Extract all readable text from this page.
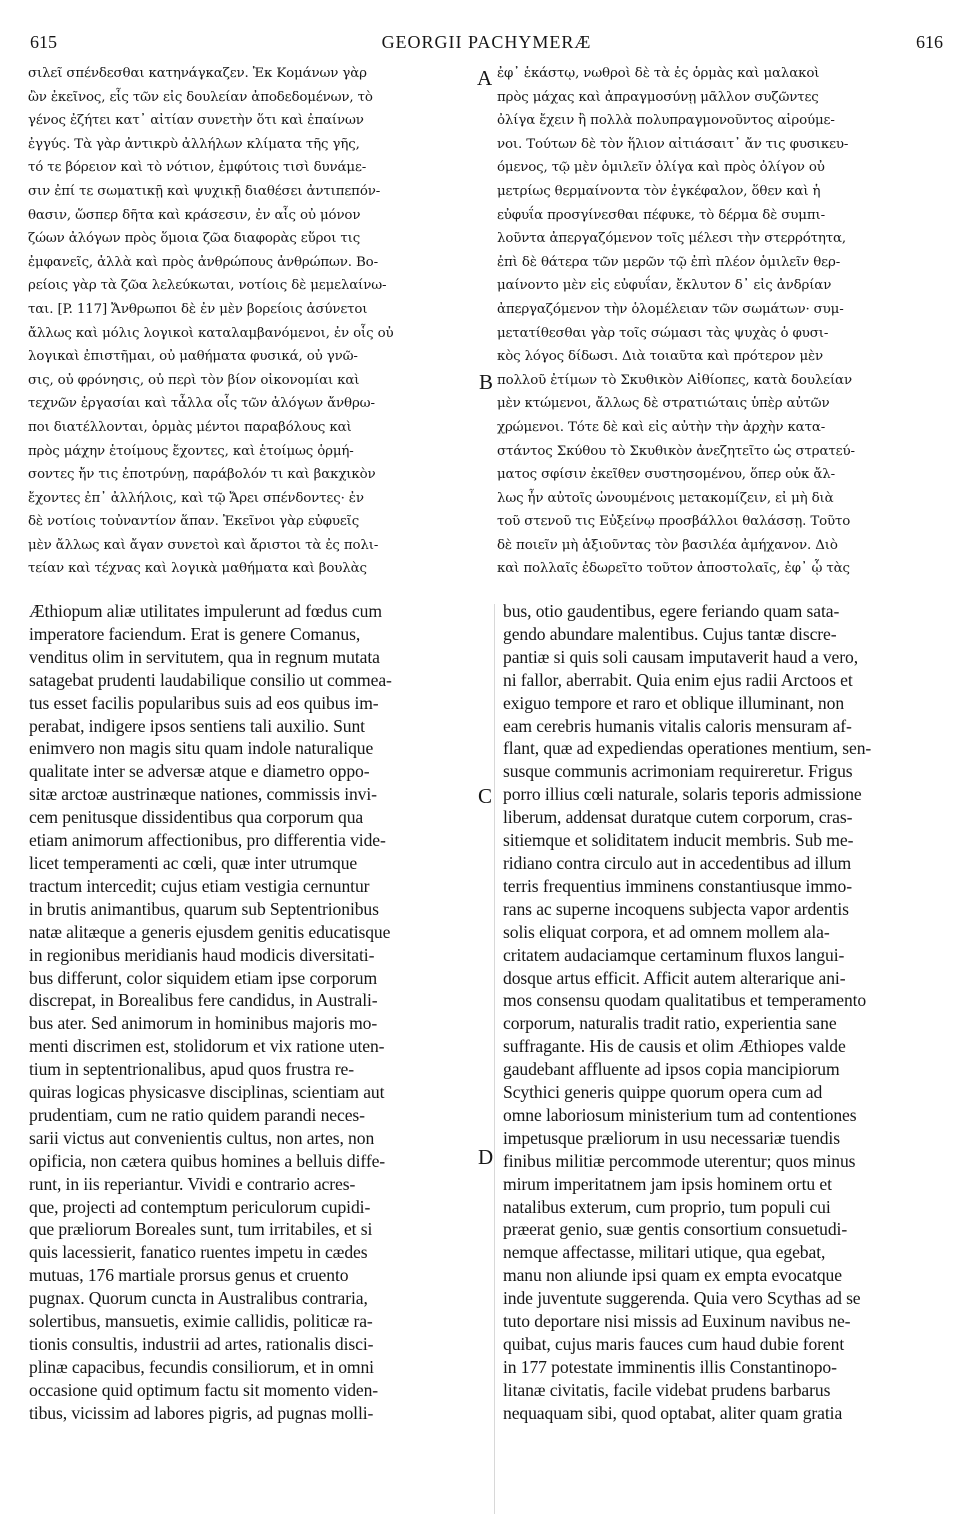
615	GEORGII PACHYMERÆ	616
σιλεῖ σπένδεσθαι κατηνάγκαζεν. Ἐκ Κομάνων γὰρ
ὢν ἐκεῖνος, εἷς τῶν εἰς δουλείαν ἀποδεδομένων, τὸ
γένος ἐζήτει κατ᾽ αἰτίαν συνετὴν ὅτι καὶ ἐπαίνων
ἐγγύς. Τὰ γὰρ ἀντικρὺ ἀλλήλων κλίματα τῆς γῆς,
τό τε βόρειον καὶ τὸ νότιον, ἐμφύτοις τισὶ δυνάμε-
σιν ἐπί τε σωματικῇ καὶ ψυχικῇ διαθέσει ἀντιπεπόν-
θασιν, ὥσπερ δῆτα καὶ κράσεσιν, ἐν αἷς οὐ μόνον
ζώων ἀλόγων πρὸς ὅμοια ζῶα διαφορὰς εὕροι τις
ἐμφανεῖς, ἀλλὰ καὶ πρὸς ἀνθρώπους ἀνθρώπων. Βο-
ρείοις γὰρ τὰ ζῶα λελεύκωται, νοτίοις δὲ μεμελαίνω-
ται. [P. 117] Ἄνθρωποι δὲ ἐν μὲν βορείοις ἀσύνετοι
ἄλλως καὶ μόλις λογικοὶ καταλαμβανόμενοι, ἐν οἷς οὐ
λογικαὶ ἐπιστῆμαι, οὐ μαθήματα φυσικά, οὐ γνῶ-
σις, οὐ φρόνησις, οὐ περὶ τὸν βίον οἰκονομίαι καὶ
τεχνῶν ἐργασίαι καὶ τἆλλα οἷς τῶν ἀλόγων ἄνθρω-
ποι διατέλλονται, ὁρμὰς μέντοι παραβόλους καὶ
πρὸς μάχην ἑτοίμους ἔχοντες, καὶ ἑτοίμως ὁρμή-
σοντες ἤν τις ἐποτρύνῃ, παράβολόν τι καὶ βακχικὸν
ἔχοντες ἐπ᾽ ἀλλήλοις, καὶ τῷ Ἄρει σπένδοντες· ἐν
δὲ νοτίοις τοὐναντίον ἅπαν. Ἐκεῖνοι γὰρ εὐφυεῖς
μὲν ἄλλως καὶ ἄγαν συνετοὶ καὶ ἄριστοι τὰ ἐς πολι-
τείαν καὶ τέχνας καὶ λογικὰ μαθήματα καὶ βουλὰς
ἐφ᾽ ἑκάστῳ, νωθροὶ δὲ τὰ ἐς ὁρμὰς καὶ μαλακοὶ
πρὸς μάχας καὶ ἀπραγμοσύνῃ μᾶλλον συζῶντες
ὀλίγα ἔχειν ἢ πολλὰ πολυπραγμονοῦντος αἱρούμε-
νοι. Τούτων δὲ τὸν ἥλιον αἰτιάσαιτ᾽ ἄν τις φυσικευ-
όμενος, τῷ μὲν ὁμιλεῖν ὀλίγα καὶ πρὸς ὀλίγον οὐ
μετρίως θερμαίνοντα τὸν ἐγκέφαλον, ὅθεν καὶ ἡ
εὐφυΐα προσγίνεσθαι πέφυκε, τὸ δέρμα δὲ συμπι-
λοῦντα ἀπεργαζόμενον τοῖς μέλεσι τὴν στερρότητα,
ἐπὶ δὲ θάτερα τῶν μερῶν τῷ ἐπὶ πλέον ὁμιλεῖν θερ-
μαίνοντο μὲν εἰς εὐφυΐαν, ἔκλυτον δ᾽ εἰς ἀνδρίαν
ἀπεργαζόμενον τὴν ὁλομέλειαν τῶν σωμάτων· συμ-
μετατίθεσθαι γὰρ τοῖς σώμασι τὰς ψυχὰς ὁ φυσι-
κὸς λόγος δίδωσι. Διὰ τοιαῦτα καὶ πρότερον μὲν
πολλοῦ ἐτίμων τὸ Σκυθικὸν Αἰθίοπες, κατὰ δουλείαν
μὲν κτώμενοι, ἄλλως δὲ στρατιώταις ὑπὲρ αὐτῶν
χρώμενοι. Τότε δὲ καὶ εἰς αὐτὴν τὴν ἀρχὴν κατα-
στάντος Σκύθου τὸ Σκυθικὸν ἀνεζητεῖτο ὡς στρατεύ-
ματος σφίσιν ἐκεῖθεν συστησομένου, ὅπερ οὐκ ἄλ-
λως ἦν αὐτοῖς ὠνουμένοις μετακομίζειν, εἰ μὴ διὰ
τοῦ στενοῦ τις Εὐξείνῳ προσβάλλοι θαλάσσῃ. Τοῦτο
δὲ ποιεῖν μὴ ἀξιοῦντας τὸν βασιλέα ἀμήχανον. Διὸ
καὶ πολλαῖς ἐδωρεῖτο τοῦτον ἀποστολαῖς, ἐφ᾽ ᾧ τὰς
A
B
C
D
Æthiopum aliæ utilitates impulerunt ad fœdus cum
imperatore faciendum. Erat is genere Comanus,
venditus olim in servitutem, qua in regnum mutata
satagebat prudenti laudabilique consilio ut commea-
tus esset facilis popularibus suis ad eos quibus im-
perabat, indigere ipsos sentiens tali auxilio. Sunt
enimvero non magis situ quam indole naturalique
qualitate inter se adversæ atque e diametro oppo-
sitæ arctoæ austrinæque nationes, commissis invi-
cem penitusque dissidentibus qua corporum qua
etiam animorum affectionibus, pro differentia vide-
licet temperamenti ac cœli, quæ inter utrumque
tractum intercedit; cujus etiam vestigia cernuntur
in brutis animantibus, quarum sub Septentrionibus
natæ alitæque a generis ejusdem genitis educatisque
in regionibus meridianis haud modicis diversitati-
bus differunt, color siquidem etiam ipse corporum
discrepat, in Borealibus fere candidus, in Australi-
bus ater. Sed animorum in hominibus majoris mo-
menti discrimen est, stolidorum et vix ratione uten-
tium in septentrionalibus, apud quos frustra re-
quiras logicas physicasve disciplinas, scientiam aut
prudentiam, cum ne ratio quidem parandi neces-
sarii victus aut convenientis cultus, non artes, non
opificia, non cætera quibus homines a belluis diffe-
runt, in iis reperiantur. Vividi e contrario acres-
que, projecti ad contemptum periculorum cupidi-
que præliorum Boreales sunt, tum irritabiles, et si
quis lacessierit, fanatico ruentes impetu in cædes
mutuas, 176 martiale prorsus genus et cruento
pugnax. Quorum cuncta in Australibus contraria,
solertibus, mansuetis, eximie callidis, politicæ ra-
tionis consultis, industrii ad artes, rationalis disci-
plinæ capacibus, fecundis consiliorum, et in omni
occasione quid optimum factu sit momento viden-
tibus, vicissim ad labores pigris, ad pugnas molli-
bus, otio gaudentibus, egere feriando quam sata-
gendo abundare malentibus. Cujus tantæ discre-
pantiæ si quis soli causam imputaverit haud a vero,
ni fallor, aberrabit. Quia enim ejus radii Arctoos et
exiguo tempore et raro et oblique illuminant, non
eam cerebris humanis vitalis caloris mensuram af-
flant, quæ ad expediendas operationes mentium, sen-
susque communis acrimoniam requireretur. Frigus
porro illius cœli naturale, solaris teporis admissione
liberum, addensat duratque cutem corporum, cras-
sitiemque et soliditatem inducit membris. Sub me-
ridiano contra circulo aut in accedentibus ad illum
terris frequentius imminens constantiusque immo-
rans ac superne incoquens subjecta vapor ardentis
solis eliquat corpora, et ad omnem mollem ala-
critatem audaciamque certaminum fluxos langui-
dosque artus efficit. Afficit autem alterarique ani-
mos consensu quodam qualitatibus et temperamento
corporum, naturalis tradit ratio, experientia sane
suffragante. His de causis et olim Æthiopes valde
gaudebant affluente ad ipsos copia mancipiorum
Scythici generis quippe quorum opera cum ad
omne laboriosum ministerium tum ad contentiones
impetusque præliorum in usu necessariæ tuendis
finibus militiæ percommode uterentur; quos minus
mirum imperitatnem jam ipsis hominem ortu et
natalibus exterum, cum proprio, tum populi cui
præerat genio, suæ gentis consortium consuetudi-
nemque affectasse, militari utique, qua egebat,
manu non aliunde ipsi quam ex empta evocatque
inde juventute suggerenda. Quia vero Scythas ad se
tuto deportare nisi missis ad Euxinum navibus ne-
quibat, cujus maris fauces cum haud dubie forent
in 177 potestate imminentis illis Constantinopo-
litanæ civitatis, facile videbat prudens barbarus
nequaquam sibi, quod optabat, aliter quam gratia
